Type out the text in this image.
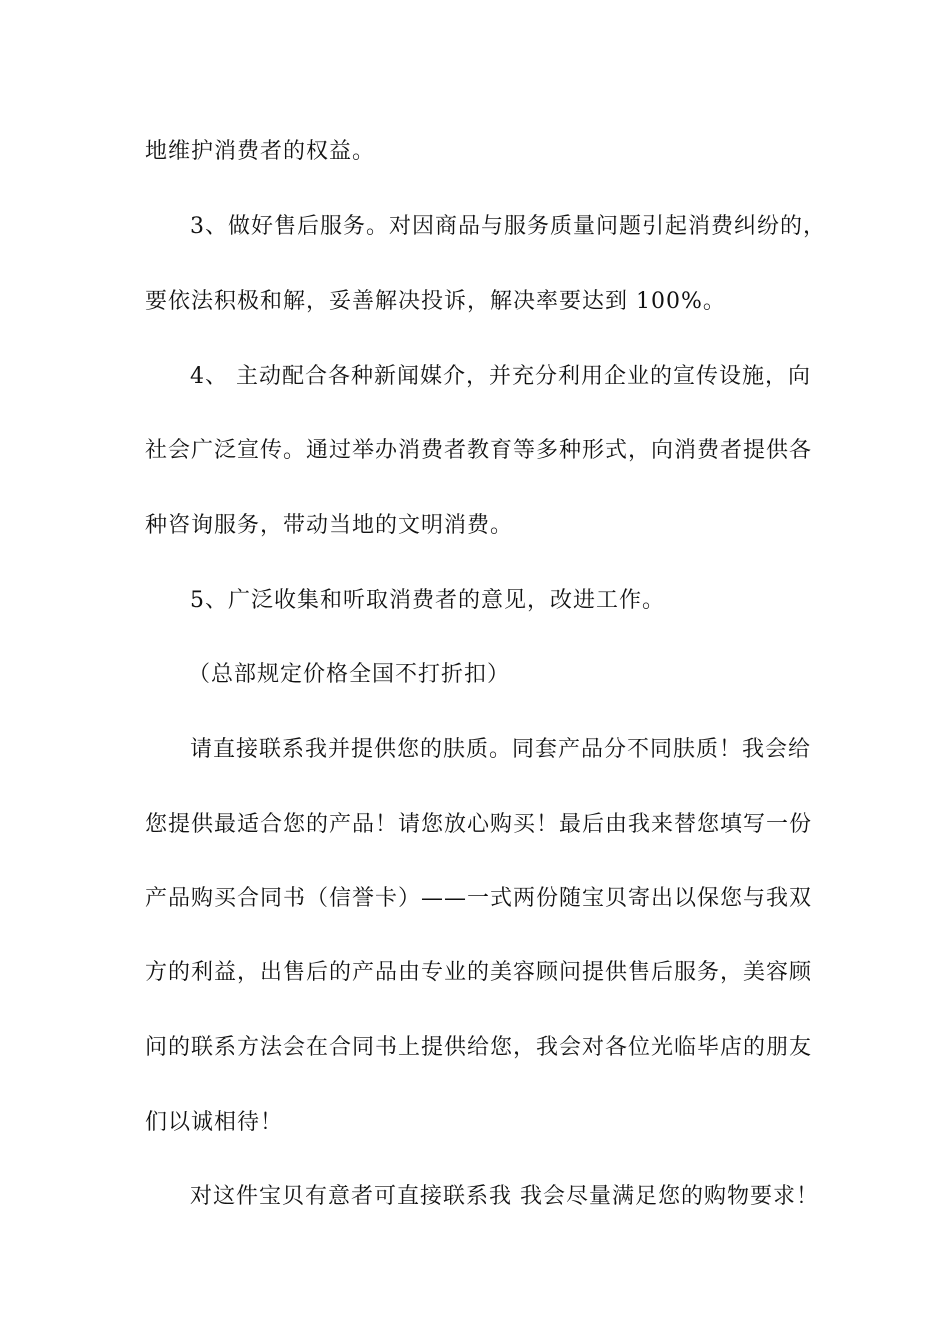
地维护消费者的权益。
3、做好售后服务。对因商品与服务质量问题引起消费纠纷的，
要依法积极和解，妥善解决投诉，解决率要达到 100%。
4、 主动配合各种新闻媒介，并充分利用企业的宣传设施，向
社会广泛宣传。通过举办消费者教育等多种形式，向消费者提供各
种咨询服务，带动当地的文明消费。
5、广泛收集和听取消费者的意见，改进工作。
（总部规定价格全国不打折扣）
请直接联系我并提供您的肤质。同套产品分不同肤质！我会给
您提供最适合您的产品！请您放心购买！最后由我来替您填写一份
产品购买合同书（信誉卡）——一式两份随宝贝寄出以保您与我双
方的利益，出售后的产品由专业的美容顾问提供售后服务，美容顾
问的联系方法会在合同书上提供给您，我会对各位光临毕店的朋友
们以诚相待！
对这件宝贝有意者可直接联系我 我会尽量满足您的购物要求！
